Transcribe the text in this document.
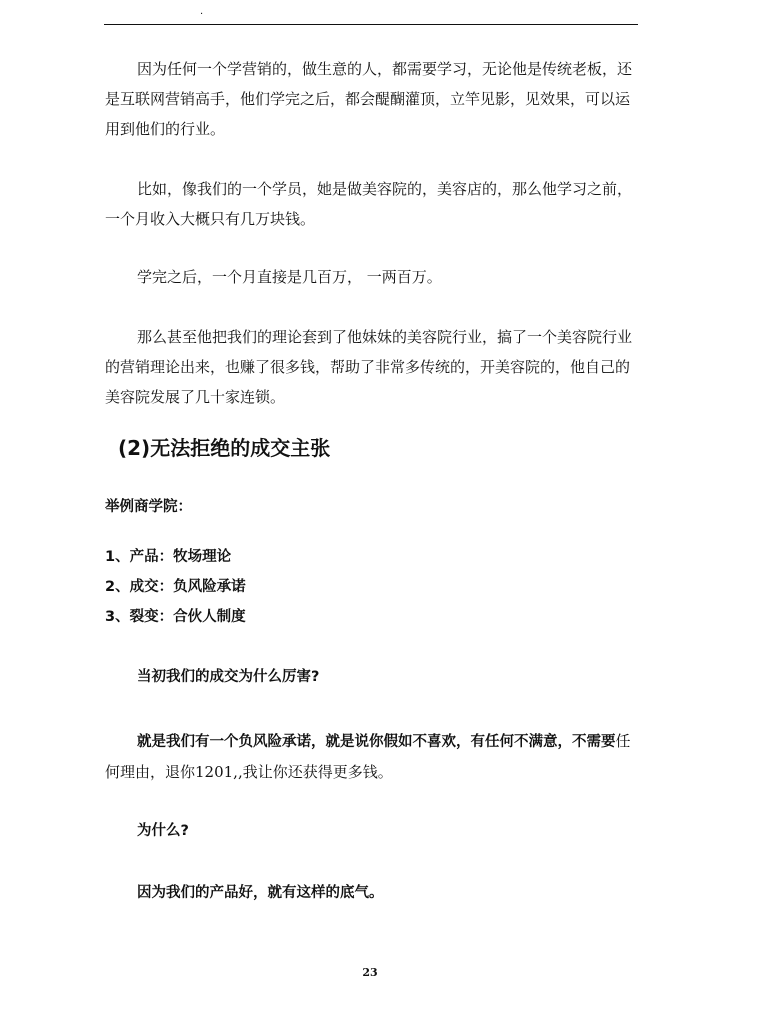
.

因为任何一个学营销的，做生意的人，都需要学习，无论他是传统老板，还是互联网营销高手，他们学完之后，都会醍醐灌顶，立竿见影，见效果，可以运用到他们的行业。

比如，像我们的一个学员，她是做美容院的，美容店的，那么他学习之前，一个月收入大概只有几万块钱。

学完之后，一个月直接是几百万， 一两百万。

那么甚至他把我们的理论套到了他妹妹的美容院行业，搞了一个美容院行业的营销理论出来，也赚了很多钱，帮助了非常多传统的，开美容院的，他自己的美容院发展了几十家连锁。

(2)无法拒绝的成交主张

举例商学院：

1、产品：牧场理论

2、成交：负风险承诺

3、裂变：合伙人制度

当初我们的成交为什么厉害?

就是我们有一个负风险承诺，就是说你假如不喜欢，有任何不满意，不需要任何理由，退你1201,,我让你还获得更多钱。

为什么?

因为我们的产品好，就有这样的底气。

23
